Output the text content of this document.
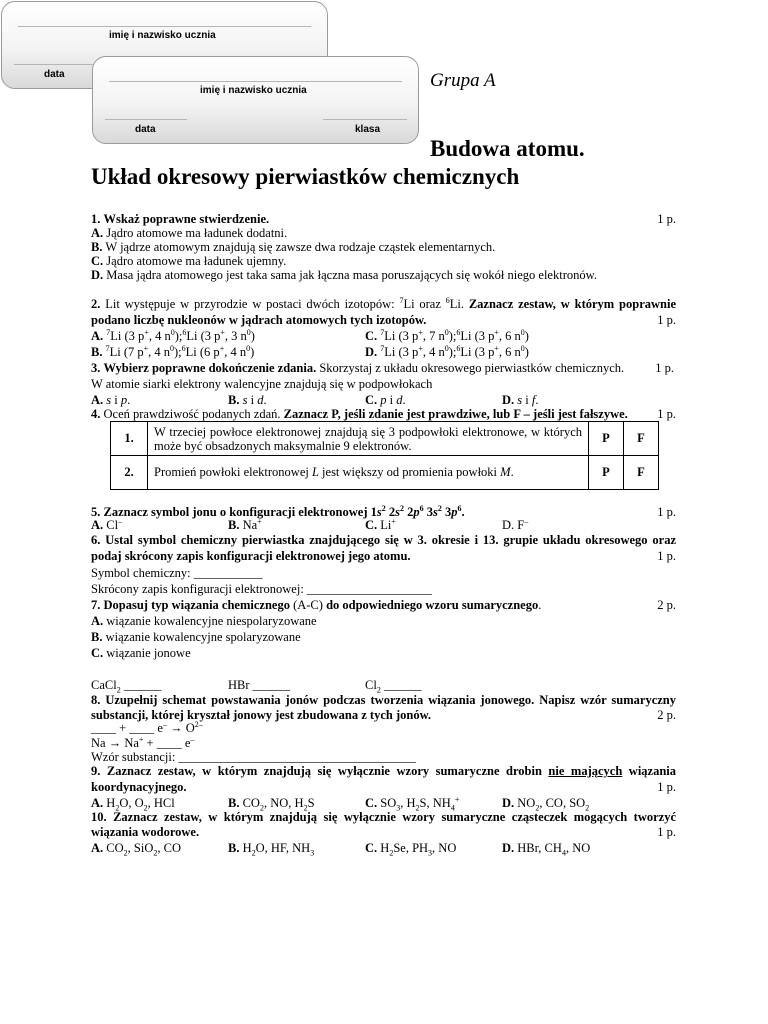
imię i nazwisko ucznia
data
imię i nazwisko ucznia
data	klasa
Grupa A
Budowa atomu.
Układ okresowy pierwiastków chemicznych
1. Wskaż poprawne stwierdzenie.	1 p.
A. Jądro atomowe ma ładunek dodatni.
B. W jądrze atomowym znajdują się zawsze dwa rodzaje cząstek elementarnych.
C. Jądro atomowe ma ładunek ujemny.
D. Masa jądra atomowego jest taka sama jak łączna masa poruszających się wokół niego elektronów.
2. Lit występuje w przyrodzie w postaci dwóch izotopów: $^7$Li oraz $^6$Li. Zaznacz zestaw, w którym poprawnie
podano liczbę nukleonów w jądrach atomowych tych izotopów.	1 p.
A. $^7$Li (3 p+, 4 $n^0);^6Li$ (3 p+, 3 $n^0$)	C. $^7$Li (3 p+, 7 $n^0);^6Li$ (3 p+, 6 $n^0$)
B. $^7$Li (7 p+, 4 $n^0);^6Li$ (6 p+, 4 $n^0$)	D. $^7$Li (3 p+, 4 $n^0);^6Li$ (3 p+, 6 $n^0$)
3. Wybierz poprawne dokończenie zdania. Skorzystaj z układu okresowego pierwiastków chemicznych.	1 p.
W atomie siarki elektrony walencyjne znajdują się w podpowłokach
A. s i p.	B. s i d.	C. p i d.	D. s i f.
4. Oceń prawdziwość podanych zdań. Zaznacz P, jeśli zdanie jest prawdziwe, lub F – jeśli jest fałszywe.	1 p.
1.	W trzeciej powłoce elektronowej znajdują się 3 podpowłoki elektronowe, w których może być obsadzonych maksymalnie 9 elektronów.	P	F
2.	Promień powłoki elektronowej L jest większy od promienia powłoki M.	P	F
5. Zaznacz symbol jonu o konfiguracji elektronowej $1s^2$ $2s^2$ $2p^6$ $3s^2$ $3p^6$.	1 p.
A. Cl–	B. Na+	C. Li+	D. F–
6. Ustal symbol chemiczny pierwiastka znajdującego się w 3. okresie i 13. grupie układu okresowego oraz
podaj skrócony zapis konfiguracji elektronowej jego atomu.	1 p.
Symbol chemiczny: ___________
Skrócony zapis konfiguracji elektronowej: ____________________
7. Dopasuj typ wiązania chemicznego (A-C) do odpowiedniego wzoru sumarycznego.	2 p.
A. wiązanie kowalencyjne niespolaryzowane
B. wiązanie kowalencyjne spolaryzowane
C. wiązanie jonowe
CaCl$_2$ ______	HBr ______	$Cl_2$ ______
8. Uzupełnij schemat powstawania jonów podczas tworzenia wiązania jonowego. Napisz wzór sumaryczny
substancji, której kryształ jonowy jest zbudowana z tych jonów.	2 p.
____ + ____ $e^- \to O^{2-}$
Na → Na+ + ____ e–
Wzór substancji: ______________________________________
9. Zaznacz zestaw, w którym znajdują się wyłącznie wzory sumaryczne drobin nie mających wiązania
koordynacyjnego.	1 p.
A. $H_2O$, $O_2$, HCl	B. $CO_2$, NO, $H_2S$	C. $SO_3$, $H_2S$, $NH_4^+$	D. $NO_2$, CO, $SO_2$
10. Zaznacz zestaw, w którym znajdują się wyłącznie wzory sumaryczne cząsteczek mogących tworzyć
wiązania wodorowe.	1 p.
A. $CO_2$, SiO$_2$, CO	B. $H_2O$, HF, $NH_3$	C. $H_2Se$, $PH_3$, NO	D. HBr, $CH_4$, NO
